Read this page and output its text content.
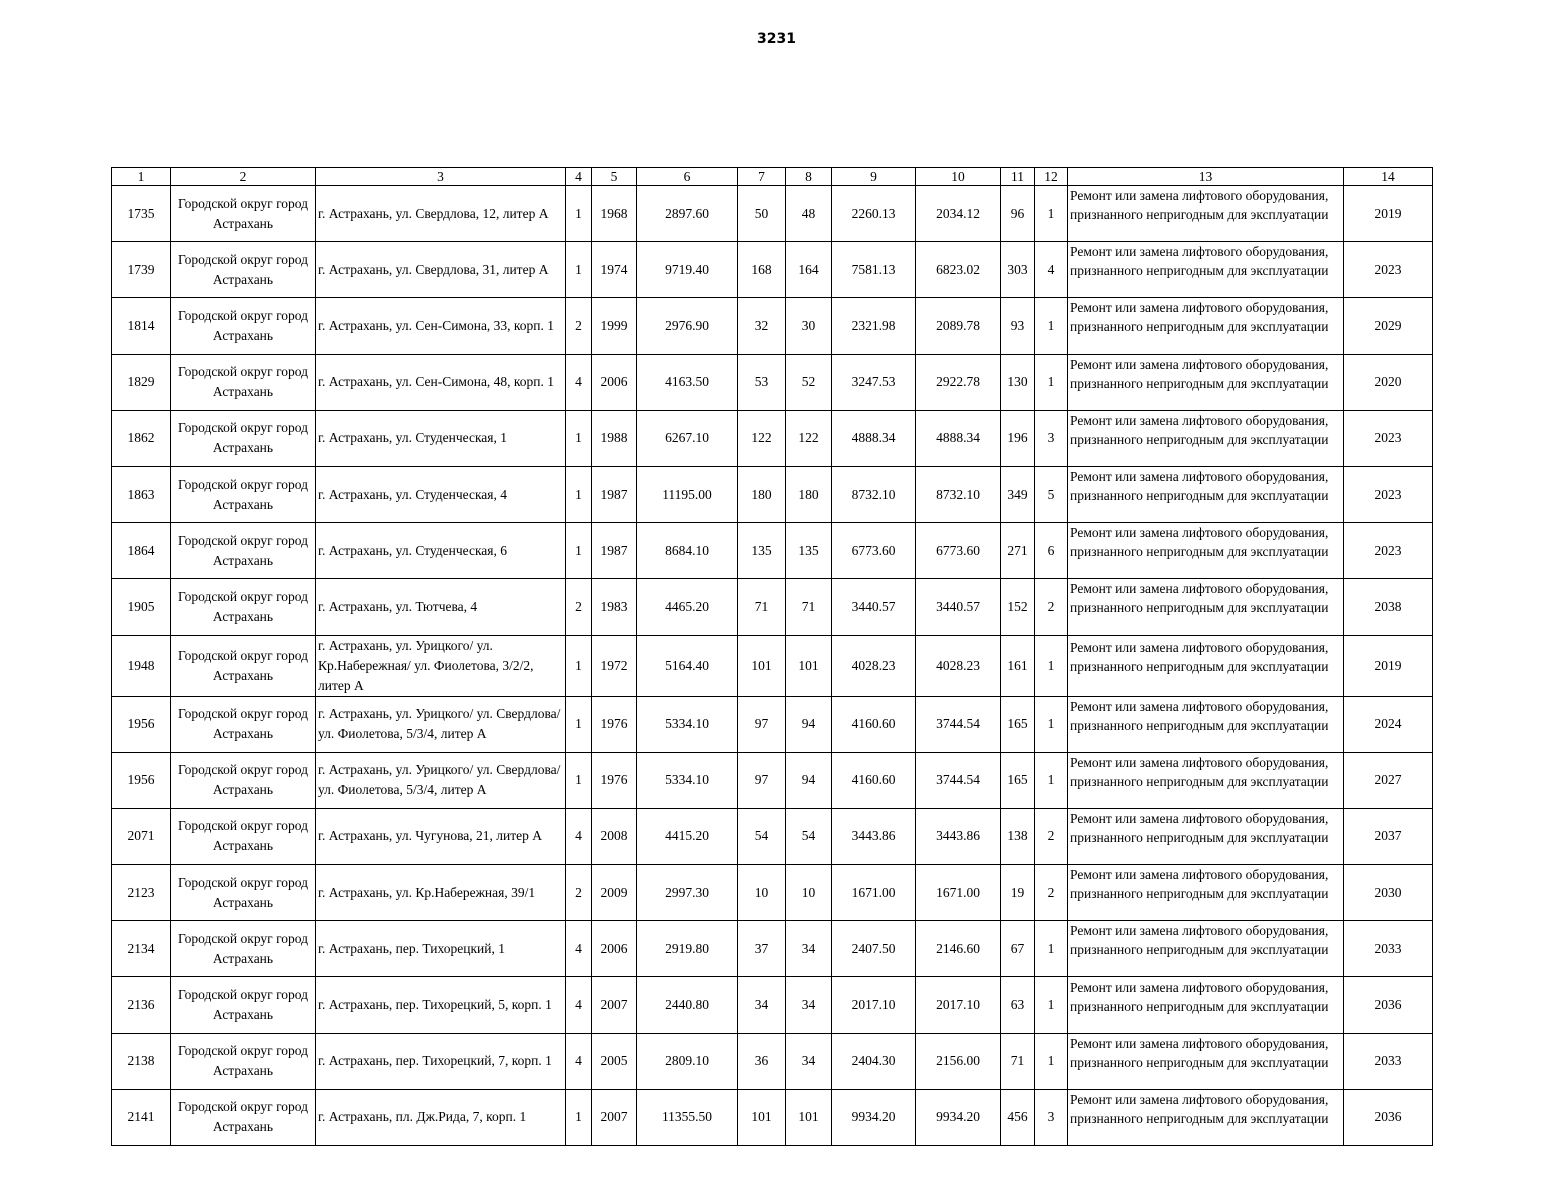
3231
1	2	3	4	5	6	7	8	9	10	11	12	13	14
1735	Городской округ город Астрахань	г. Астрахань, ул. Свердлова, 12, литер А	1	1968	2897.60	50	48	2260.13	2034.12	96	1	Ремонт или замена лифтового оборудования, признанного непригодным для эксплуатации	2019
1739	Городской округ город Астрахань	г. Астрахань, ул. Свердлова, 31, литер А	1	1974	9719.40	168	164	7581.13	6823.02	303	4	Ремонт или замена лифтового оборудования, признанного непригодным для эксплуатации	2023
1814	Городской округ город Астрахань	г. Астрахань, ул. Сен-Симона, 33, корп. 1	2	1999	2976.90	32	30	2321.98	2089.78	93	1	Ремонт или замена лифтового оборудования, признанного непригодным для эксплуатации	2029
1829	Городской округ город Астрахань	г. Астрахань, ул. Сен-Симона, 48, корп. 1	4	2006	4163.50	53	52	3247.53	2922.78	130	1	Ремонт или замена лифтового оборудования, признанного непригодным для эксплуатации	2020
1862	Городской округ город Астрахань	г. Астрахань, ул. Студенческая, 1	1	1988	6267.10	122	122	4888.34	4888.34	196	3	Ремонт или замена лифтового оборудования, признанного непригодным для эксплуатации	2023
1863	Городской округ город Астрахань	г. Астрахань, ул. Студенческая, 4	1	1987	11195.00	180	180	8732.10	8732.10	349	5	Ремонт или замена лифтового оборудования, признанного непригодным для эксплуатации	2023
1864	Городской округ город Астрахань	г. Астрахань, ул. Студенческая, 6	1	1987	8684.10	135	135	6773.60	6773.60	271	6	Ремонт или замена лифтового оборудования, признанного непригодным для эксплуатации	2023
1905	Городской округ город Астрахань	г. Астрахань, ул. Тютчева, 4	2	1983	4465.20	71	71	3440.57	3440.57	152	2	Ремонт или замена лифтового оборудования, признанного непригодным для эксплуатации	2038
1948	Городской округ город Астрахань	г. Астрахань, ул. Урицкого/ ул. Кр.Набережная/ ул. Фиолетова, 3/2/2, литер А	1	1972	5164.40	101	101	4028.23	4028.23	161	1	Ремонт или замена лифтового оборудования, признанного непригодным для эксплуатации	2019
1956	Городской округ город Астрахань	г. Астрахань, ул. Урицкого/ ул. Свердлова/ ул. Фиолетова, 5/3/4, литер А	1	1976	5334.10	97	94	4160.60	3744.54	165	1	Ремонт или замена лифтового оборудования, признанного непригодным для эксплуатации	2024
1956	Городской округ город Астрахань	г. Астрахань, ул. Урицкого/ ул. Свердлова/ ул. Фиолетова, 5/3/4, литер А	1	1976	5334.10	97	94	4160.60	3744.54	165	1	Ремонт или замена лифтового оборудования, признанного непригодным для эксплуатации	2027
2071	Городской округ город Астрахань	г. Астрахань, ул. Чугунова, 21, литер А	4	2008	4415.20	54	54	3443.86	3443.86	138	2	Ремонт или замена лифтового оборудования, признанного непригодным для эксплуатации	2037
2123	Городской округ город Астрахань	г. Астрахань, ул. Кр.Набережная, 39/1	2	2009	2997.30	10	10	1671.00	1671.00	19	2	Ремонт или замена лифтового оборудования, признанного непригодным для эксплуатации	2030
2134	Городской округ город Астрахань	г. Астрахань, пер. Тихорецкий, 1	4	2006	2919.80	37	34	2407.50	2146.60	67	1	Ремонт или замена лифтового оборудования, признанного непригодным для эксплуатации	2033
2136	Городской округ город Астрахань	г. Астрахань, пер. Тихорецкий, 5, корп. 1	4	2007	2440.80	34	34	2017.10	2017.10	63	1	Ремонт или замена лифтового оборудования, признанного непригодным для эксплуатации	2036
2138	Городской округ город Астрахань	г. Астрахань, пер. Тихорецкий, 7, корп. 1	4	2005	2809.10	36	34	2404.30	2156.00	71	1	Ремонт или замена лифтового оборудования, признанного непригодным для эксплуатации	2033
2141	Городской округ город Астрахань	г. Астрахань, пл. Дж.Рида, 7, корп. 1	1	2007	11355.50	101	101	9934.20	9934.20	456	3	Ремонт или замена лифтового оборудования, признанного непригодным для эксплуатации	2036
